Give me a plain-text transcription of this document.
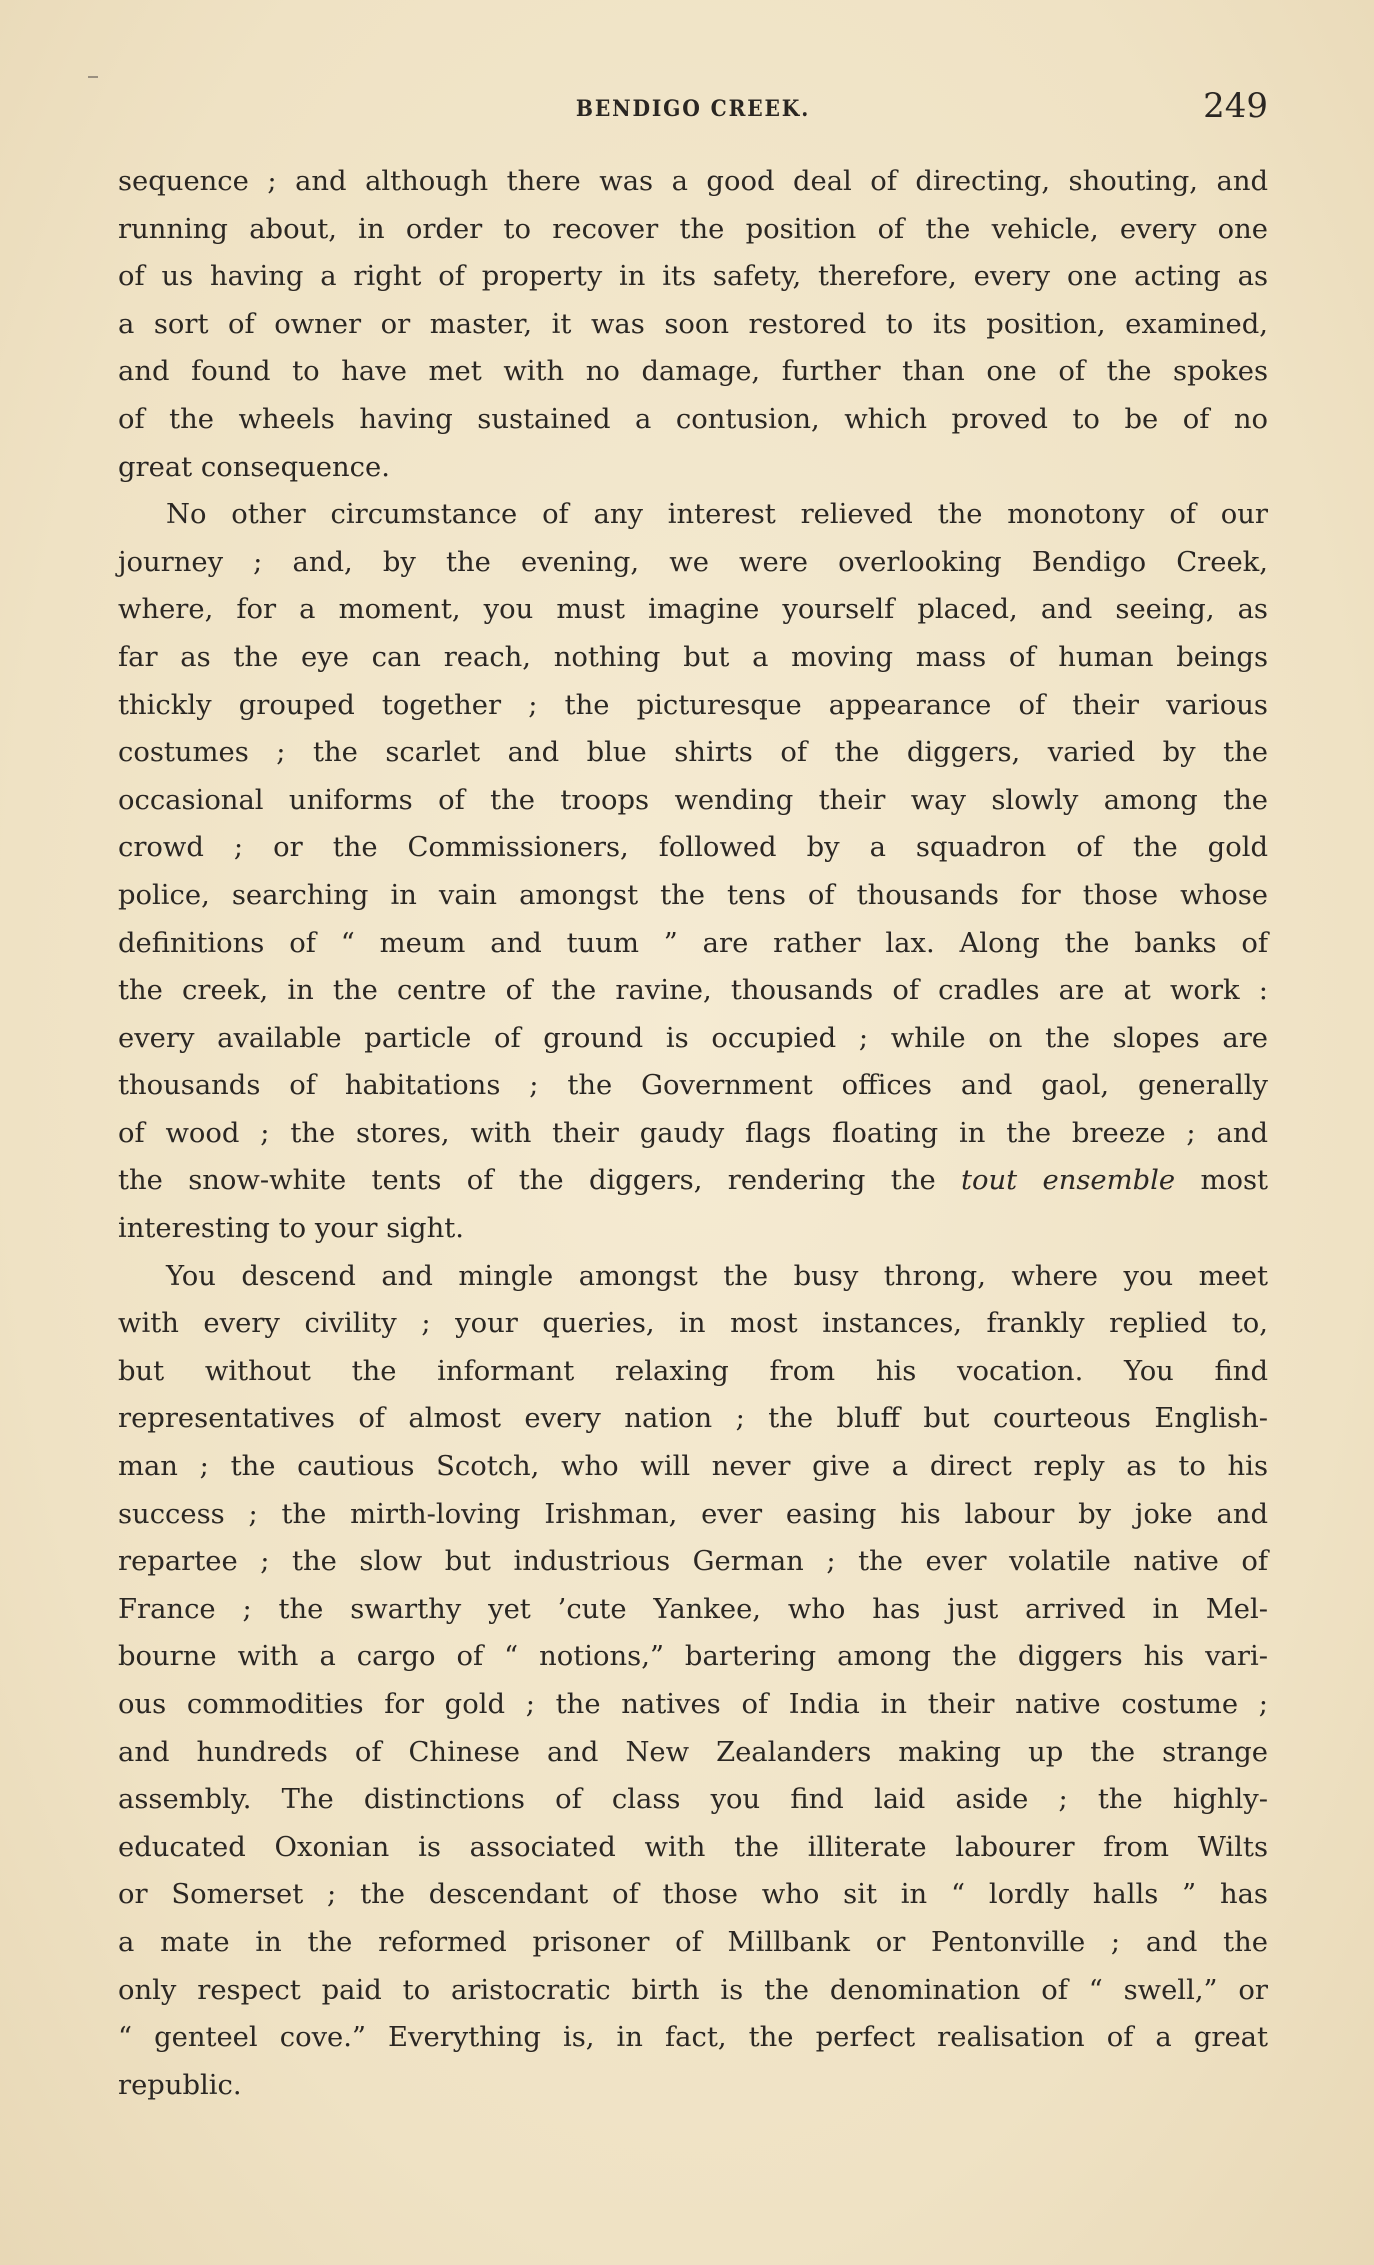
BENDIGO CREEK.	249

sequence ; and although there was a good deal of directing, shouting, and
running about, in order to recover the position of the vehicle, every one
of us having a right of property in its safety, therefore, every one acting as
a sort of owner or master, it was soon restored to its position, examined,
and found to have met with no damage, further than one of the spokes
of the wheels having sustained a contusion, which proved to be of no
great consequence.

No other circumstance of any interest relieved the monotony of our
journey ; and, by the evening, we were overlooking Bendigo Creek,
where, for a moment, you must imagine yourself placed, and seeing, as
far as the eye can reach, nothing but a moving mass of human beings
thickly grouped together ; the picturesque appearance of their various
costumes ; the scarlet and blue shirts of the diggers, varied by the
occasional uniforms of the troops wending their way slowly among the
crowd ; or the Commissioners, followed by a squadron of the gold
police, searching in vain amongst the tens of thousands for those whose
definitions of “ meum and tuum ” are rather lax. Along the banks of
the creek, in the centre of the ravine, thousands of cradles are at work :
every available particle of ground is occupied ; while on the slopes are
thousands of habitations ; the Government offices and gaol, generally
of wood ; the stores, with their gaudy flags floating in the breeze ; and
the snow-white tents of the diggers, rendering the tout ensemble most
interesting to your sight.

You descend and mingle amongst the busy throng, where you meet
with every civility ; your queries, in most instances, frankly replied to,
but without the informant relaxing from his vocation. You find
representatives of almost every nation ; the bluff but courteous English-
man ; the cautious Scotch, who will never give a direct reply as to his
success ; the mirth-loving Irishman, ever easing his labour by joke and
repartee ; the slow but industrious German ; the ever volatile native of
France ; the swarthy yet ’cute Yankee, who has just arrived in Mel-
bourne with a cargo of “ notions,” bartering among the diggers his vari-
ous commodities for gold ; the natives of India in their native costume ;
and hundreds of Chinese and New Zealanders making up the strange
assembly. The distinctions of class you find laid aside ; the highly-
educated Oxonian is associated with the illiterate labourer from Wilts
or Somerset ; the descendant of those who sit in “ lordly halls ” has
a mate in the reformed prisoner of Millbank or Pentonville ; and the
only respect paid to aristocratic birth is the denomination of “ swell,” or
“ genteel cove.” Everything is, in fact, the perfect realisation of a great
republic.
